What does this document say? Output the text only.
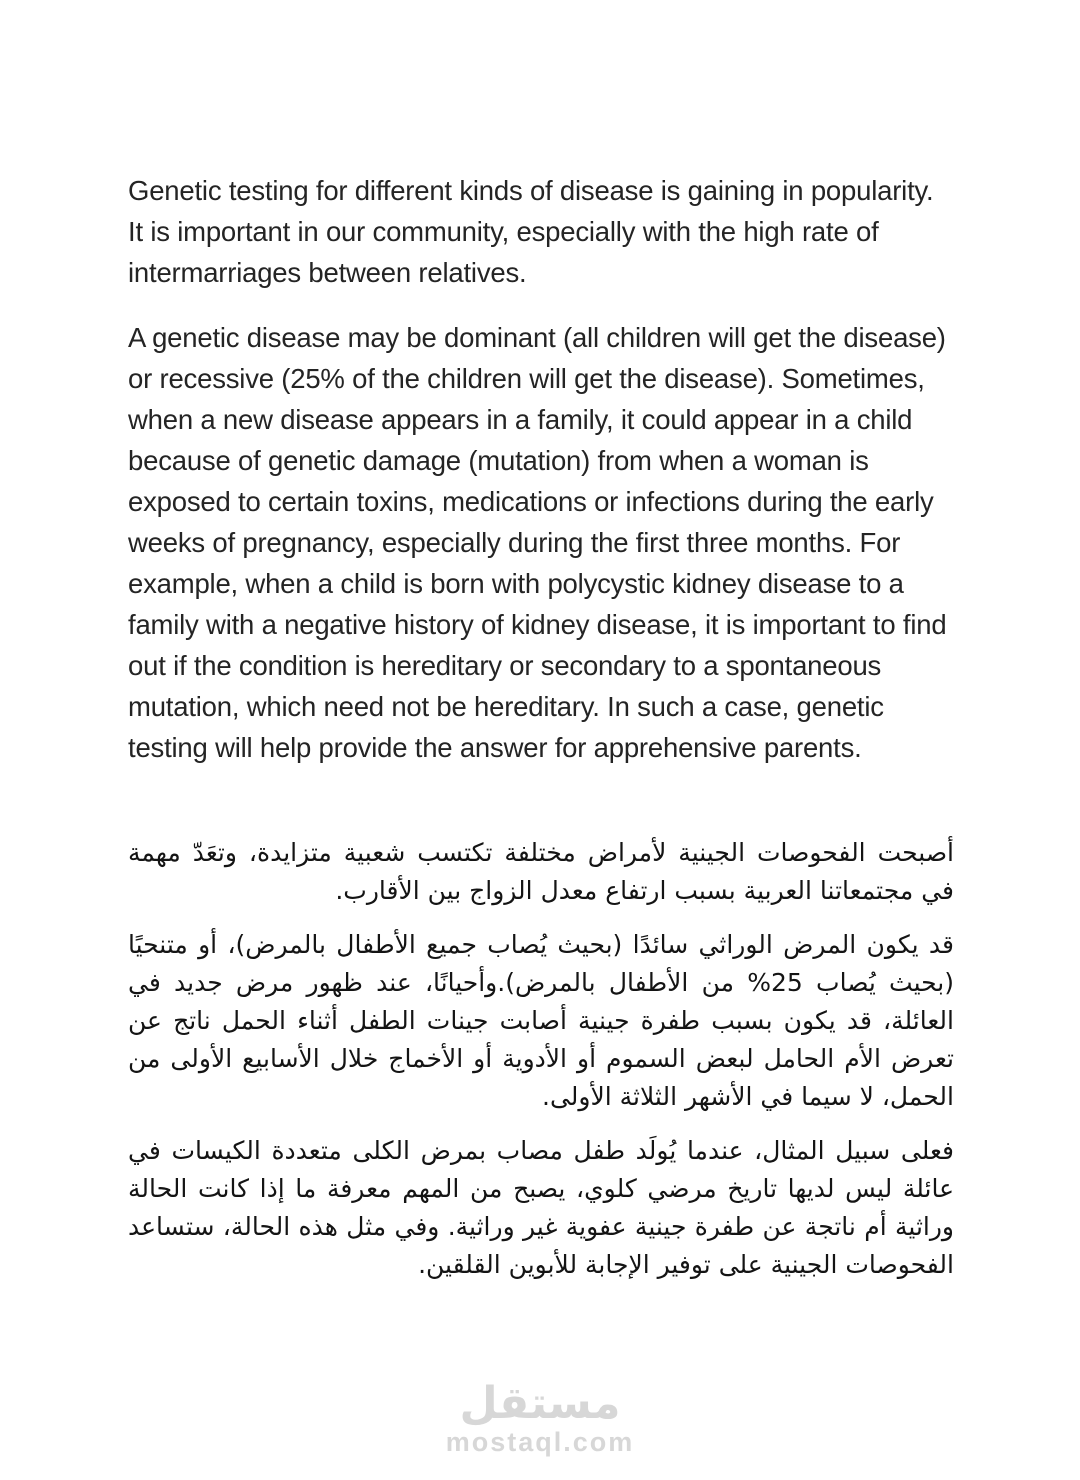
Genetic testing for different kinds of disease is gaining in popularity. It is important in our community, especially with the high rate of intermarriages between relatives.

A genetic disease may be dominant (all children will get the disease) or recessive (25% of the children will get the disease). Sometimes, when a new disease appears in a family, it could appear in a child because of genetic damage (mutation) from when a woman is exposed to certain toxins, medications or infections during the early weeks of pregnancy, especially during the first three months. For example, when a child is born with polycystic kidney disease to a family with a negative history of kidney disease, it is important to find out if the condition is hereditary or secondary to a spontaneous mutation, which need not be hereditary. In such a case, genetic testing will help provide the answer for apprehensive parents.

أصبحت الفحوصات الجينية لأمراض مختلفة تكتسب شعبية متزايدة، وتعَدّ مهمة في مجتمعاتنا العربية بسبب ارتفاع معدل الزواج بين الأقارب.

قد يكون المرض الوراثي سائدًا (بحيث يُصاب جميع الأطفال بالمرض)، أو متنحيًا (بحيث يُصاب 25% من الأطفال بالمرض).وأحيانًا، عند ظهور مرض جديد في العائلة، قد يكون بسبب طفرة جينية أصابت جينات الطفل أثناء الحمل ناتج عن تعرض الأم الحامل لبعض السموم أو الأدوية أو الأخماج خلال الأسابيع الأولى من الحمل، لا سيما في الأشهر الثلاثة الأولى.

فعلى سبيل المثال، عندما يُولَد طفل مصاب بمرض الكلى متعددة الكيسات في عائلة ليس لديها تاريخ مرضي كلوي، يصبح من المهم معرفة ما إذا كانت الحالة وراثية أم ناتجة عن طفرة جينية عفوية غير وراثية. وفي مثل هذه الحالة، ستساعد الفحوصات الجينية على توفير الإجابة للأبوين القلقين.

مستقل
mostaql.com
